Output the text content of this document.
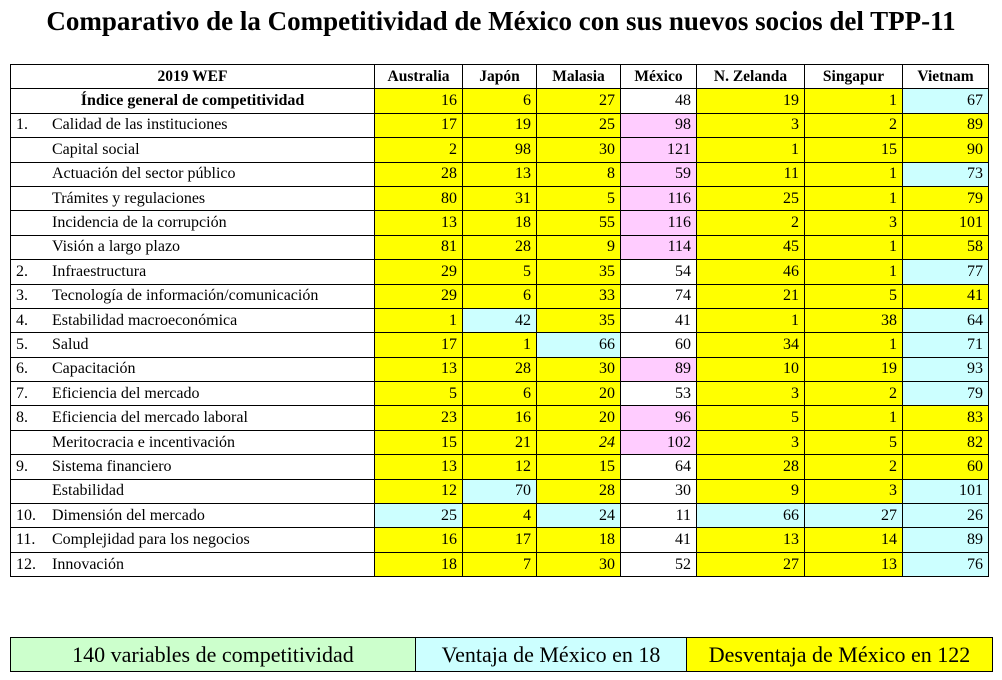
Comparativo de la Competitividad de México con sus nuevos socios del TPP-11
2019 WEF	Australia	Japón	Malasia	México	N. Zelanda	Singapur	Vietnam
Índice general de competitividad	16	6	27	48	19	1	67
1. Calidad de las instituciones	17	19	25	98	3	2	89
Capital social	2	98	30	121	1	15	90
Actuación del sector público	28	13	8	59	11	1	73
Trámites y regulaciones	80	31	5	116	25	1	79
Incidencia de la corrupción	13	18	55	116	2	3	101
Visión a largo plazo	81	28	9	114	45	1	58
2. Infraestructura	29	5	35	54	46	1	77
3. Tecnología de información/comunicación	29	6	33	74	21	5	41
4. Estabilidad macroeconómica	1	42	35	41	1	38	64
5. Salud	17	1	66	60	34	1	71
6. Capacitación	13	28	30	89	10	19	93
7. Eficiencia del mercado	5	6	20	53	3	2	79
8. Eficiencia del mercado laboral	23	16	20	96	5	1	83
Meritocracia e incentivación	15	21	24	102	3	5	82
9. Sistema financiero	13	12	15	64	28	2	60
Estabilidad	12	70	28	30	9	3	101
10. Dimensión del mercado	25	4	24	11	66	27	26
11. Complejidad para los negocios	16	17	18	41	13	14	89
12. Innovación	18	7	30	52	27	13	76
140 variables de competitividad	Ventaja de México en 18	Desventaja de México en 122
